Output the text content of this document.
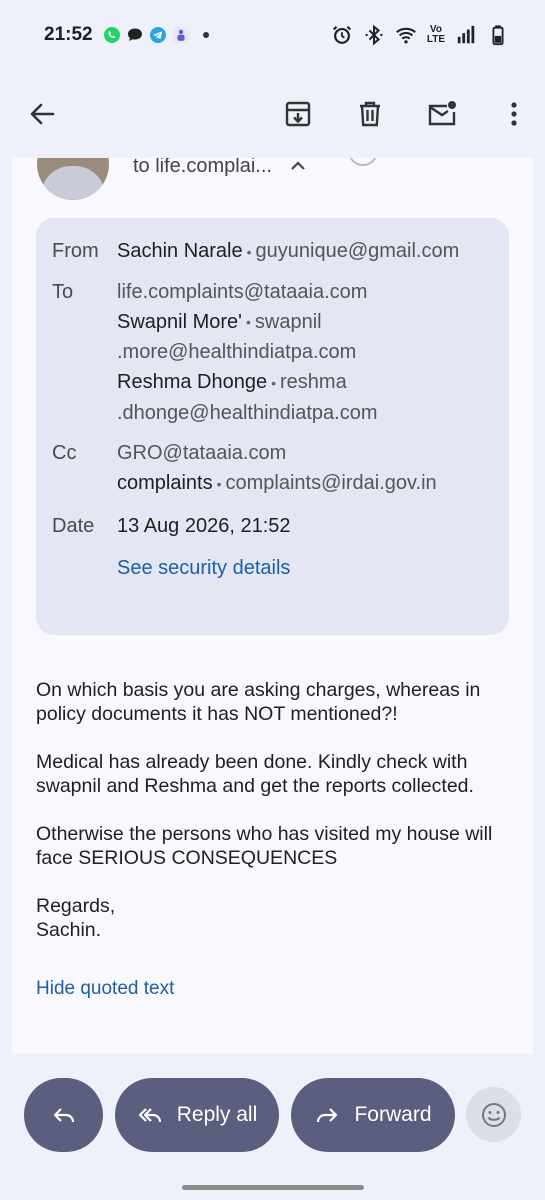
21:52	Vo
LTE
to life.complai...
From Sachin Narale • guyunique@gmail.com
To	life.complaints@tataaia.com
Swapnil More' • swapnil
.more@healthindiatpa.com
Reshma Dhonge • reshma
.dhonge@healthindiatpa.com
Cc	GRO@tataaia.com
complaints • complaints@irdai.gov.in
Date	13 Aug 2026, 21:52
See security details

On which basis you are asking charges, whereas in policy documents it has NOT mentioned?!

Medical has already been done. Kindly check with swapnil and Reshma and get the reports collected.

Otherwise the persons who has visited my house will face SERIOUS CONSEQUENCES

Regards,
Sachin.
Hide quoted text
Reply all	Forward
